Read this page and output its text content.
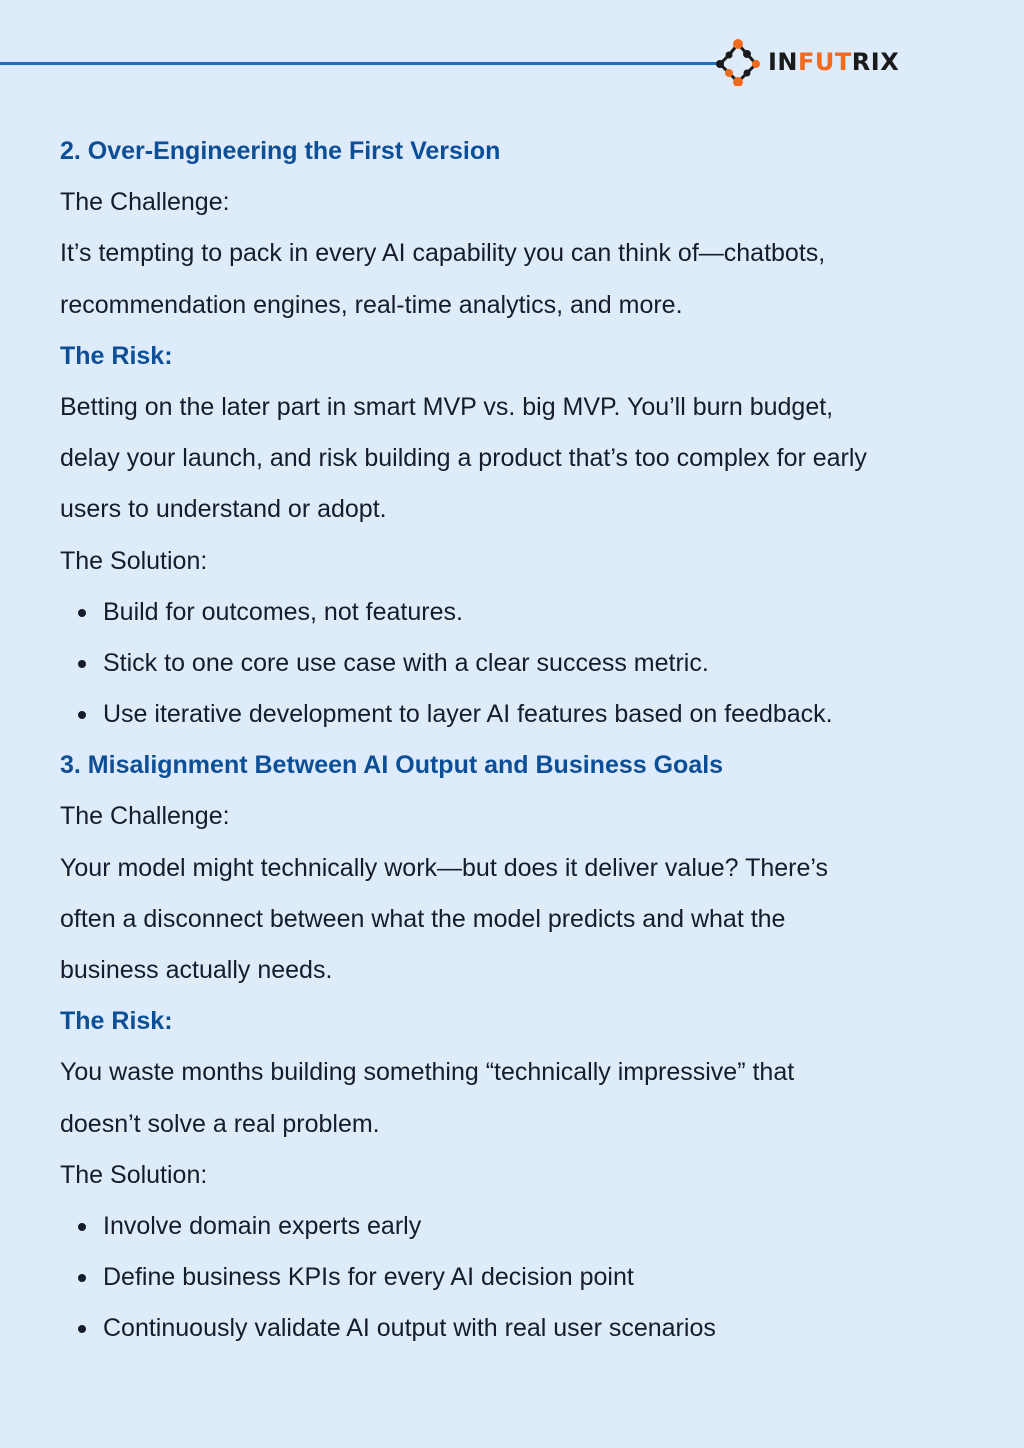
IN FUT RIX
2. Over-Engineering the First Version
The Challenge:
It’s tempting to pack in every AI capability you can think of—chatbots,
recommendation engines, real-time analytics, and more.
The Risk:
Betting on the later part in smart MVP vs. big MVP. You’ll burn budget,
delay your launch, and risk building a product that’s too complex for early
users to understand or adopt.
The Solution:
Build for outcomes, not features.
Stick to one core use case with a clear success metric.
Use iterative development to layer AI features based on feedback.
3. Misalignment Between AI Output and Business Goals
The Challenge:
Your model might technically work—but does it deliver value? There’s
often a disconnect between what the model predicts and what the
business actually needs.
The Risk:
You waste months building something “technically impressive” that
doesn’t solve a real problem.
The Solution:
Involve domain experts early
Define business KPIs for every AI decision point
Continuously validate AI output with real user scenarios
